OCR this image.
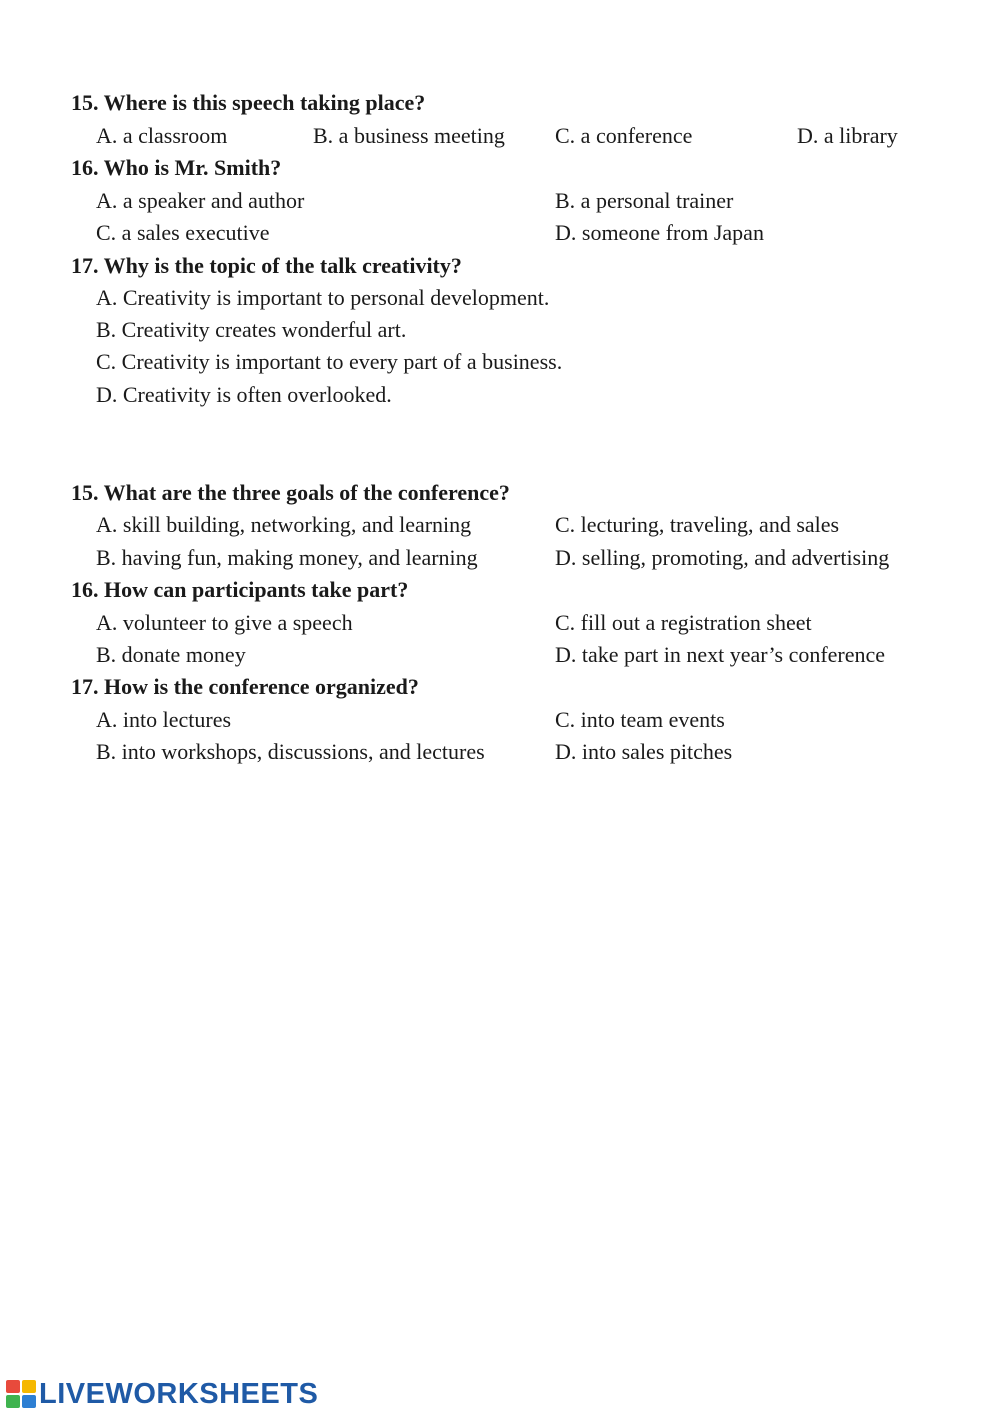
15. Where is this speech taking place?
A. a classroom	B. a business meeting C. a conference	D. a library
16. Who is Mr. Smith?
A. a speaker and author	B. a personal trainer
C. a sales executive	D. someone from Japan
17. Why is the topic of the talk creativity?
A. Creativity is important to personal development.
B. Creativity creates wonderful art.
C. Creativity is important to every part of a business.
D. Creativity is often overlooked.
15. What are the three goals of the conference?
A. skill building, networking, and learning	C. lecturing, traveling, and sales
B. having fun, making money, and learning	D. selling, promoting, and advertising
16. How can participants take part?
A. volunteer to give a speech	C. fill out a registration sheet
B. donate money	D. take part in next year’s conference
17. How is the conference organized?
A. into lectures	C. into team events
B. into workshops, discussions, and lectures	D. into sales pitches
LIVEWORKSHEETS
